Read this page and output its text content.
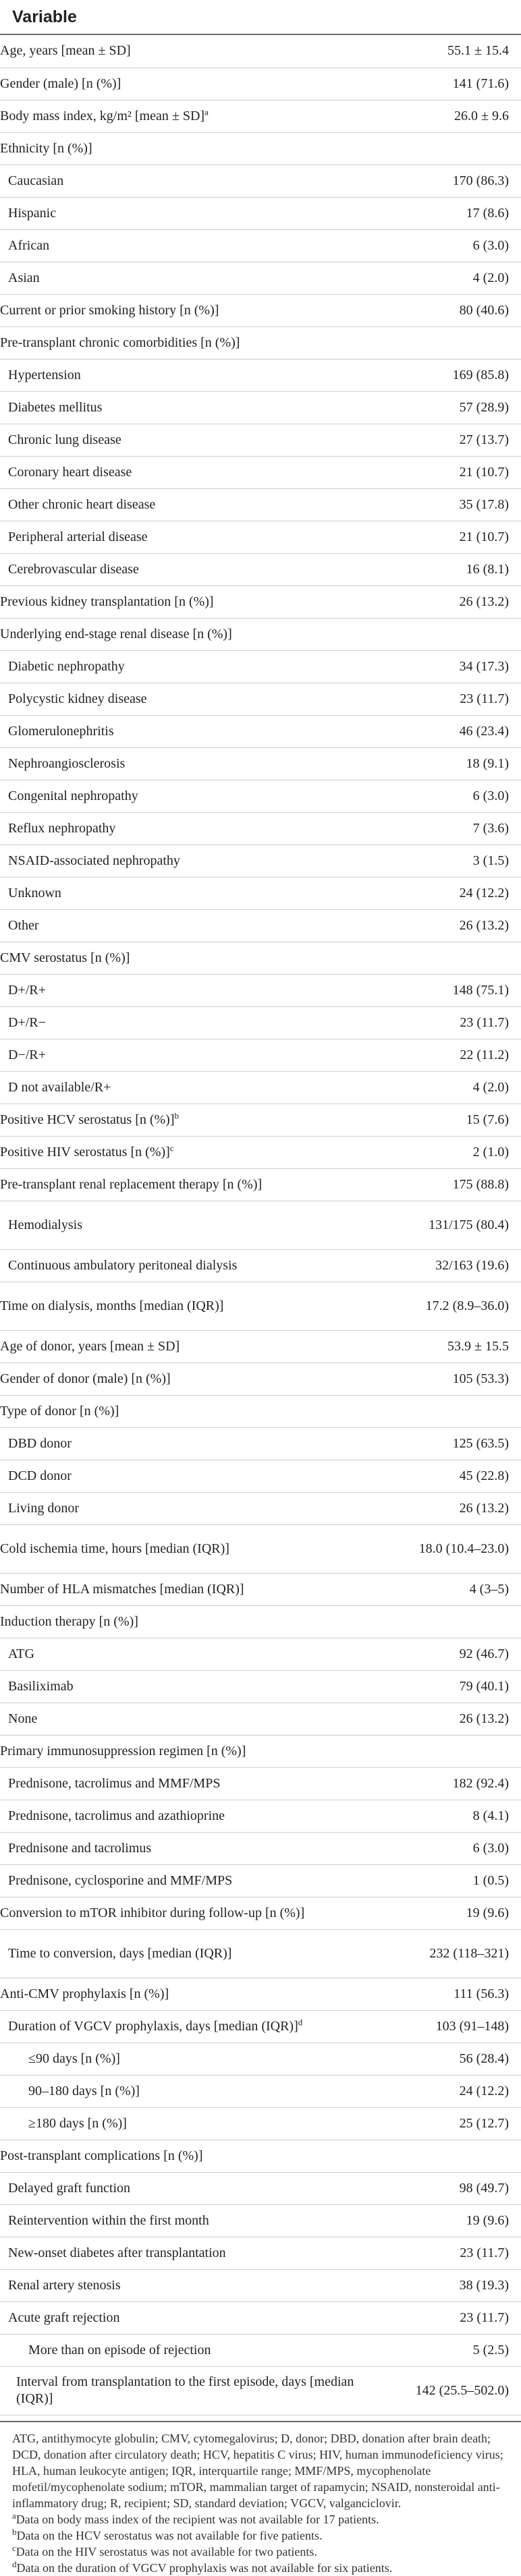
Variable
Age, years [mean ± SD]	55.1 ± 15.4
Gender (male) [n (%)]	141 (71.6)
Body mass index, kg/m² [mean ± SD]$^a$	26.0 ± 9.6
Ethnicity [n (%)]	
Caucasian	170 (86.3)
Hispanic	17 (8.6)
African	6 (3.0)
Asian	4 (2.0)
Current or prior smoking history [n (%)]	80 (40.6)
Pre-transplant chronic comorbidities [n (%)]	
Hypertension	169 (85.8)
Diabetes mellitus	57 (28.9)
Chronic lung disease	27 (13.7)
Coronary heart disease	21 (10.7)
Other chronic heart disease	35 (17.8)
Peripheral arterial disease	21 (10.7)
Cerebrovascular disease	16 (8.1)
Previous kidney transplantation [n (%)]	26 (13.2)
Underlying end-stage renal disease [n (%)]	
Diabetic nephropathy	34 (17.3)
Polycystic kidney disease	23 (11.7)
Glomerulonephritis	46 (23.4)
Nephroangiosclerosis	18 (9.1)
Congenital nephropathy	6 (3.0)
Reflux nephropathy	7 (3.6)
NSAID-associated nephropathy	3 (1.5)
Unknown	24 (12.2)
Other	26 (13.2)
CMV serostatus [n (%)]	
D+/R+	148 (75.1)
D+/R−	23 (11.7)
D−/R+	22 (11.2)
D not available/R+	4 (2.0)
Positive HCV serostatus [n (%)]$^b$	15 (7.6)
Positive HIV serostatus [n (%)]$^c$	2 (1.0)
Pre-transplant renal replacement therapy [n (%)]	175 (88.8)
Hemodialysis	131/175 (80.4)
Continuous ambulatory peritoneal dialysis	32/163 (19.6)
Time on dialysis, months [median (IQR)]	17.2 (8.9–36.0)
Age of donor, years [mean ± SD]	53.9 ± 15.5
Gender of donor (male) [n (%)]	105 (53.3)
Type of donor [n (%)]	
DBD donor	125 (63.5)
DCD donor	45 (22.8)
Living donor	26 (13.2)
Cold ischemia time, hours [median (IQR)]	18.0 (10.4–23.0)
Number of HLA mismatches [median (IQR)]	4 (3–5)
Induction therapy [n (%)]	
ATG	92 (46.7)
Basiliximab	79 (40.1)
None	26 (13.2)
Primary immunosuppression regimen [n (%)]	
Prednisone, tacrolimus and MMF/MPS	182 (92.4)
Prednisone, tacrolimus and azathioprine	8 (4.1)
Prednisone and tacrolimus	6 (3.0)
Prednisone, cyclosporine and MMF/MPS	1 (0.5)
Conversion to mTOR inhibitor during follow-up [n (%)]	19 (9.6)
Time to conversion, days [median (IQR)]	232 (118–321)
Anti-CMV prophylaxis [n (%)]	111 (56.3)
Duration of VGCV prophylaxis, days [median (IQR)]$^d$	103 (91–148)
≤90 days [n (%)]	56 (28.4)
90–180 days [n (%)]	24 (12.2)
≥180 days [n (%)]	25 (12.7)
Post-transplant complications [n (%)]	
Delayed graft function	98 (49.7)
Reintervention within the first month	19 (9.6)
New-onset diabetes after transplantation	23 (11.7)
Renal artery stenosis	38 (19.3)
Acute graft rejection	23 (11.7)
More than on episode of rejection	5 (2.5)
Interval from transplantation to the first episode, days [median (IQR)]	142 (25.5–502.0)

ATG, antithymocyte globulin; CMV, cytomegalovirus; D, donor; DBD, donation after brain death; DCD, donation after circulatory death; HCV, hepatitis C virus; HIV, human immunodeficiency virus; HLA, human leukocyte antigen; IQR, interquartile range; MMF/MPS, mycophenolate mofetil/mycophenolate sodium; mTOR, mammalian target of rapamycin; NSAID, nonsteroidal anti-inflammatory drug; R, recipient; SD, standard deviation; VGCV, valganciclovir.

$^a$Data on body mass index of the recipient was not available for 17 patients.

$^b$Data on the HCV serostatus was not available for five patients.

$^c$Data on the HIV serostatus was not available for two patients.

$^d$Data on the duration of VGCV prophylaxis was not available for six patients.
